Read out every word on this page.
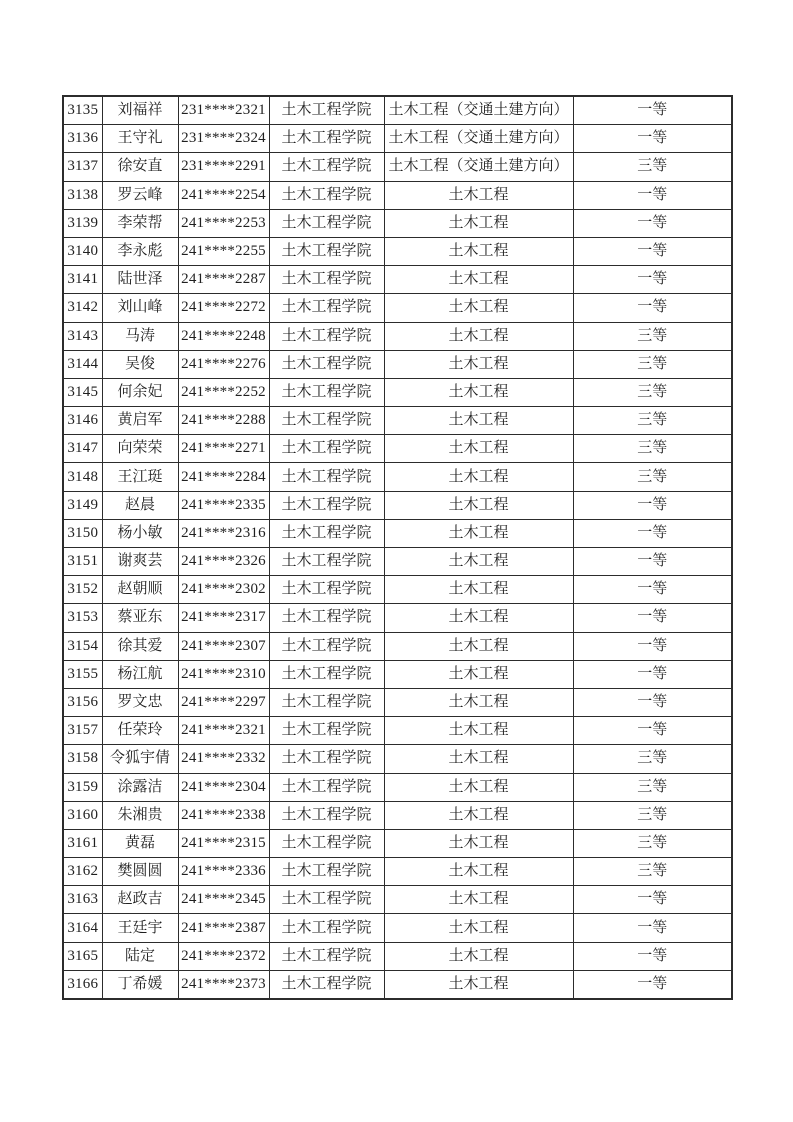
3135	刘福祥	231****2321	土木工程学院	土木工程（交通土建方向）	一等
3136	王守礼	231****2324	土木工程学院	土木工程（交通土建方向）	一等
3137	徐安直	231****2291	土木工程学院	土木工程（交通土建方向）	三等
3138	罗云峰	241****2254	土木工程学院	土木工程	一等
3139	李荣帮	241****2253	土木工程学院	土木工程	一等
3140	李永彪	241****2255	土木工程学院	土木工程	一等
3141	陆世泽	241****2287	土木工程学院	土木工程	一等
3142	刘山峰	241****2272	土木工程学院	土木工程	一等
3143	马涛	241****2248	土木工程学院	土木工程	三等
3144	吴俊	241****2276	土木工程学院	土木工程	三等
3145	何余妃	241****2252	土木工程学院	土木工程	三等
3146	黄启军	241****2288	土木工程学院	土木工程	三等
3147	向荣荣	241****2271	土木工程学院	土木工程	三等
3148	王江珽	241****2284	土木工程学院	土木工程	三等
3149	赵晨	241****2335	土木工程学院	土木工程	一等
3150	杨小敏	241****2316	土木工程学院	土木工程	一等
3151	谢爽芸	241****2326	土木工程学院	土木工程	一等
3152	赵朝顺	241****2302	土木工程学院	土木工程	一等
3153	蔡亚东	241****2317	土木工程学院	土木工程	一等
3154	徐其爱	241****2307	土木工程学院	土木工程	一等
3155	杨江航	241****2310	土木工程学院	土木工程	一等
3156	罗文忠	241****2297	土木工程学院	土木工程	一等
3157	任荣玲	241****2321	土木工程学院	土木工程	一等
3158	令狐宇倩	241****2332	土木工程学院	土木工程	三等
3159	涂露洁	241****2304	土木工程学院	土木工程	三等
3160	朱湘贵	241****2338	土木工程学院	土木工程	三等
3161	黄磊	241****2315	土木工程学院	土木工程	三等
3162	樊圆圆	241****2336	土木工程学院	土木工程	三等
3163	赵政吉	241****2345	土木工程学院	土木工程	一等
3164	王廷宇	241****2387	土木工程学院	土木工程	一等
3165	陆定	241****2372	土木工程学院	土木工程	一等
3166	丁希媛	241****2373	土木工程学院	土木工程	一等
